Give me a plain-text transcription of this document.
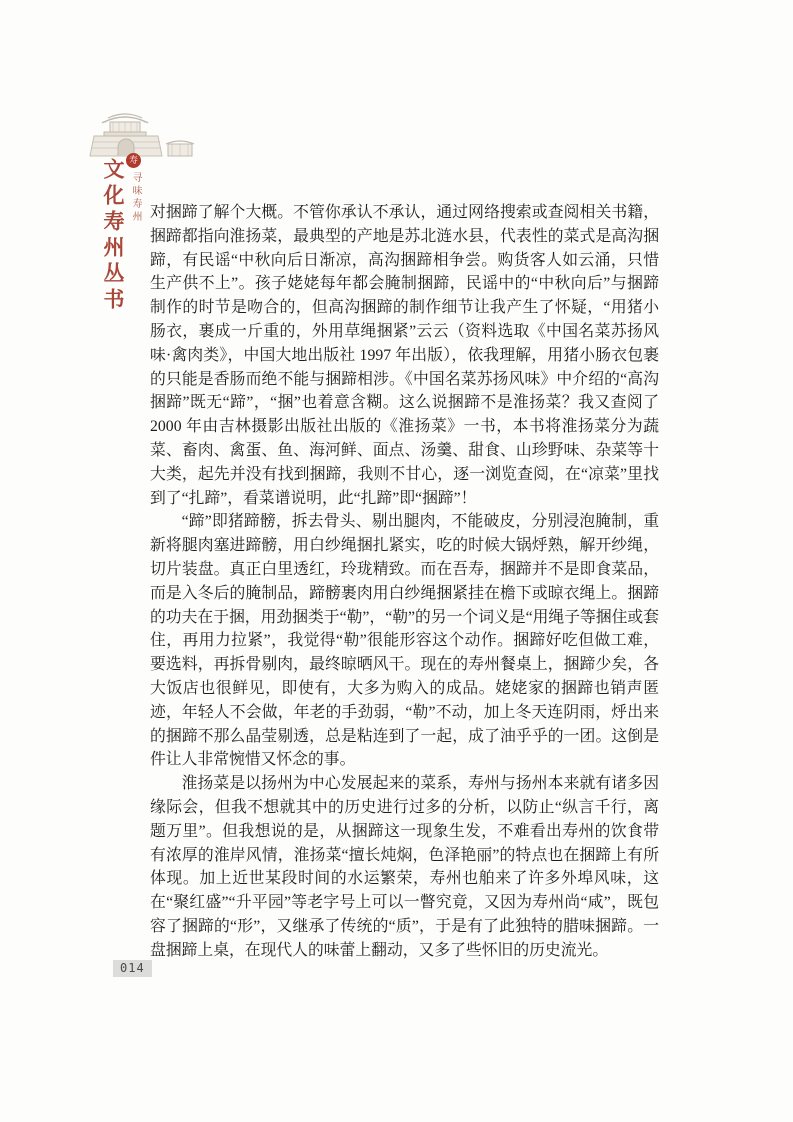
文化寿州丛书 寿
寻味寿州 对捆蹄了解个大概。不管你承认不承认，通过网络搜索或查阅相关书籍，捆蹄都指向淮扬菜，最典型的产地是苏北涟水县，代表性的菜式是高沟捆蹄，有民谣“中秋向后日渐凉，高沟捆蹄相争尝。购货客人如云涌，只惜生产供不上”。孩子姥姥每年都会腌制捆蹄，民谣中的“中秋向后”与捆蹄制作的时节是吻合的，但高沟捆蹄的制作细节让我产生了怀疑，“用猪小肠衣，裹成一斤重的，外用草绳捆紧”云云（资料选取《中国名菜苏扬风味·禽肉类》，中国大地出版社 1997 年出版），依我理解，用猪小肠衣包裹的只能是香肠而绝不能与捆蹄相涉。《中国名菜苏扬风味》中介绍的“高沟捆蹄”既无“蹄”，“捆”也着意含糊。这么说捆蹄不是淮扬菜？我又查阅了 2000 年由吉林摄影出版社出版的《淮扬菜》一书，本书将淮扬菜分为蔬菜、畜肉、禽蛋、鱼、海河鲜、面点、汤羹、甜食、山珍野味、杂菜等十大类，起先并没有找到捆蹄，我则不甘心，逐一浏览查阅，在“凉菜”里找到了“扎蹄”，看菜谱说明，此“扎蹄”即“捆蹄”！

“蹄”即猪蹄髈，拆去骨头、剔出腿肉，不能破皮，分别浸泡腌制，重新将腿肉塞进蹄髈，用白纱绳捆扎紧实，吃的时候大锅烀熟，解开纱绳，切片装盘。真正白里透红，玲珑精致。而在吾寿，捆蹄并不是即食菜品，而是入冬后的腌制品，蹄髈裹肉用白纱绳捆紧挂在檐下或晾衣绳上。捆蹄的功夫在于捆，用劲捆类于“勒”，“勒”的另一个词义是“用绳子等捆住或套住，再用力拉紧”，我觉得“勒”很能形容这个动作。捆蹄好吃但做工难，要选料，再拆骨剔肉，最终晾晒风干。现在的寿州餐桌上，捆蹄少矣，各大饭店也很鲜见，即使有，大多为购入的成品。姥姥家的捆蹄也销声匿迹，年轻人不会做，年老的手劲弱，“勒”不动，加上冬天连阴雨，烀出来的捆蹄不那么晶莹剔透，总是粘连到了一起，成了油乎乎的一团。这倒是件让人非常惋惜又怀念的事。

淮扬菜是以扬州为中心发展起来的菜系，寿州与扬州本来就有诸多因缘际会，但我不想就其中的历史进行过多的分析，以防止“纵言千行，离题万里”。但我想说的是，从捆蹄这一现象生发，不难看出寿州的饮食带有浓厚的淮岸风情，淮扬菜“擅长炖焖，色泽艳丽”的特点也在捆蹄上有所体现。加上近世某段时间的水运繁荣，寿州也舶来了许多外埠风味，这在“聚红盛”“升平园”等老字号上可以一瞥究竟，又因为寿州尚“咸”，既包容了捆蹄的“形”，又继承了传统的“质”，于是有了此独特的腊味捆蹄。一盘捆蹄上桌，在现代人的味蕾上翻动，又多了些怀旧的历史流光。

014
